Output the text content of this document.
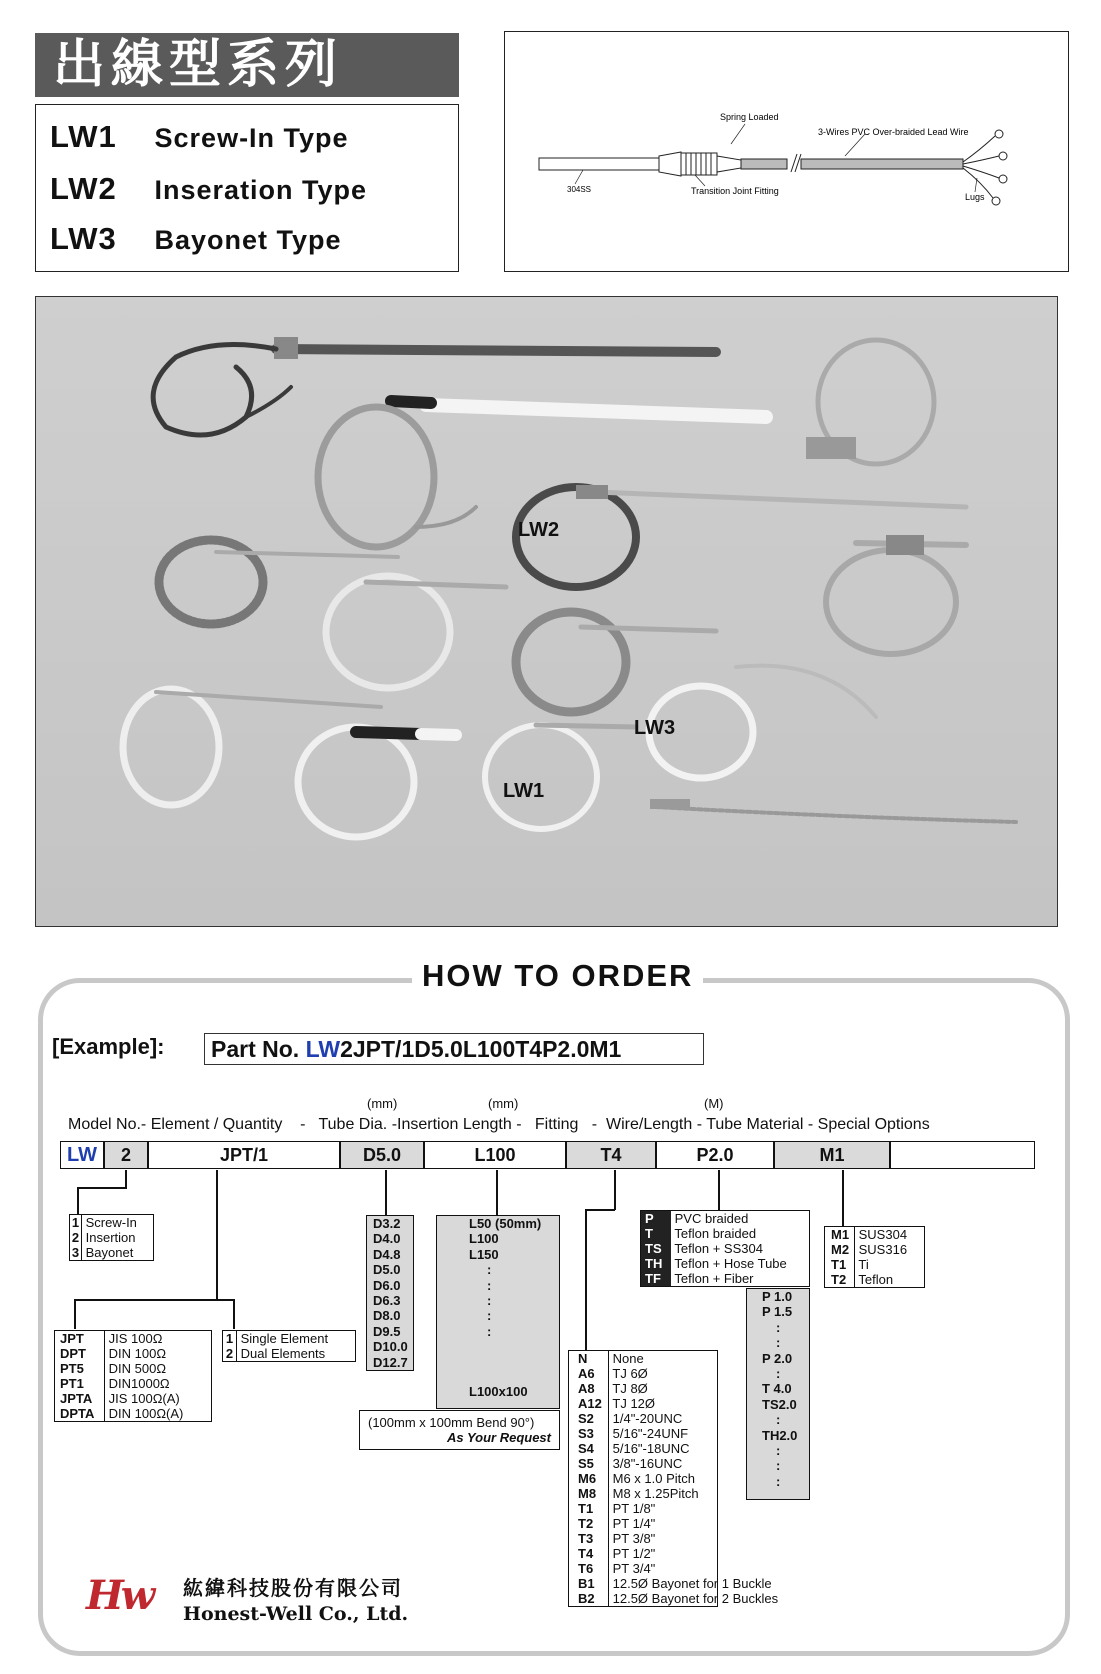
出線型系列
LW1 Screw-In Type
LW2 Inseration Type
LW3 Bayonet Type
Spring Loaded
3-Wires PVC Over-braided Lead Wire
304SS	Transition Joint Fitting
Lugs
LW2
LW3
LW1
HOW TO ORDER
[Example]:	Part No. LW2JPT/1D5.0L100T4P2.0M1
(mm)	(mm)	(M)
Model No.- Element / Quantity    -   Tube Dia. -Insertion Length -   Fitting   -  Wire/Length - Tube Material - Special Options
LW	2	JPT/1	D5.0	L100	T4	P2.0	M1
1 Screw-In
2 Insertion
3 Bayonet
JPT JIS 100Ω
DPT DIN 100Ω
PT5 DIN 500Ω
PT1 DIN1000Ω
JPTA JIS 100Ω(A)
DPTA DIN 100Ω(A)
1 Single Element
2 Dual Elements
D3.2
D4.0
D4.8
D5.0
D6.0
D6.3
D8.0
D9.5
D10.0
D12.7
L50 (50mm)
L100
L150
:
:
:
:
:
L100x100
(100mm x 100mm Bend 90°)
As Your Request
N None
A6 TJ 6Ø
A8 TJ 8Ø
A12 TJ 12Ø
S2 1/4"-20UNC
S3 5/16"-24UNF
S4 5/16"-18UNC
S5 3/8"-16UNC
M6 M6 x 1.0 Pitch
M8 M8 x 1.25Pitch
T1 PT 1/8"
T2 PT 1/4"
T3 PT 3/8"
T4 PT 1/2"
T6 PT 3/4"
B1 12.5Ø Bayonet for 1 Buckle
B2 12.5Ø Bayonet for 2 Buckles
P PVC braided
T Teflon braided
TS Teflon + SS304
TH Teflon + Hose Tube
TF Teflon + Fiber
P 1.0
P 1.5
:
:
P 2.0
:
T 4.0
TS2.0
:
TH2.0
:
:
:
M1 SUS304
M2 SUS316
T1 Ti
T2 Teflon
Hw 紘緯科技股份有限公司
Honest-Well Co., Ltd.
